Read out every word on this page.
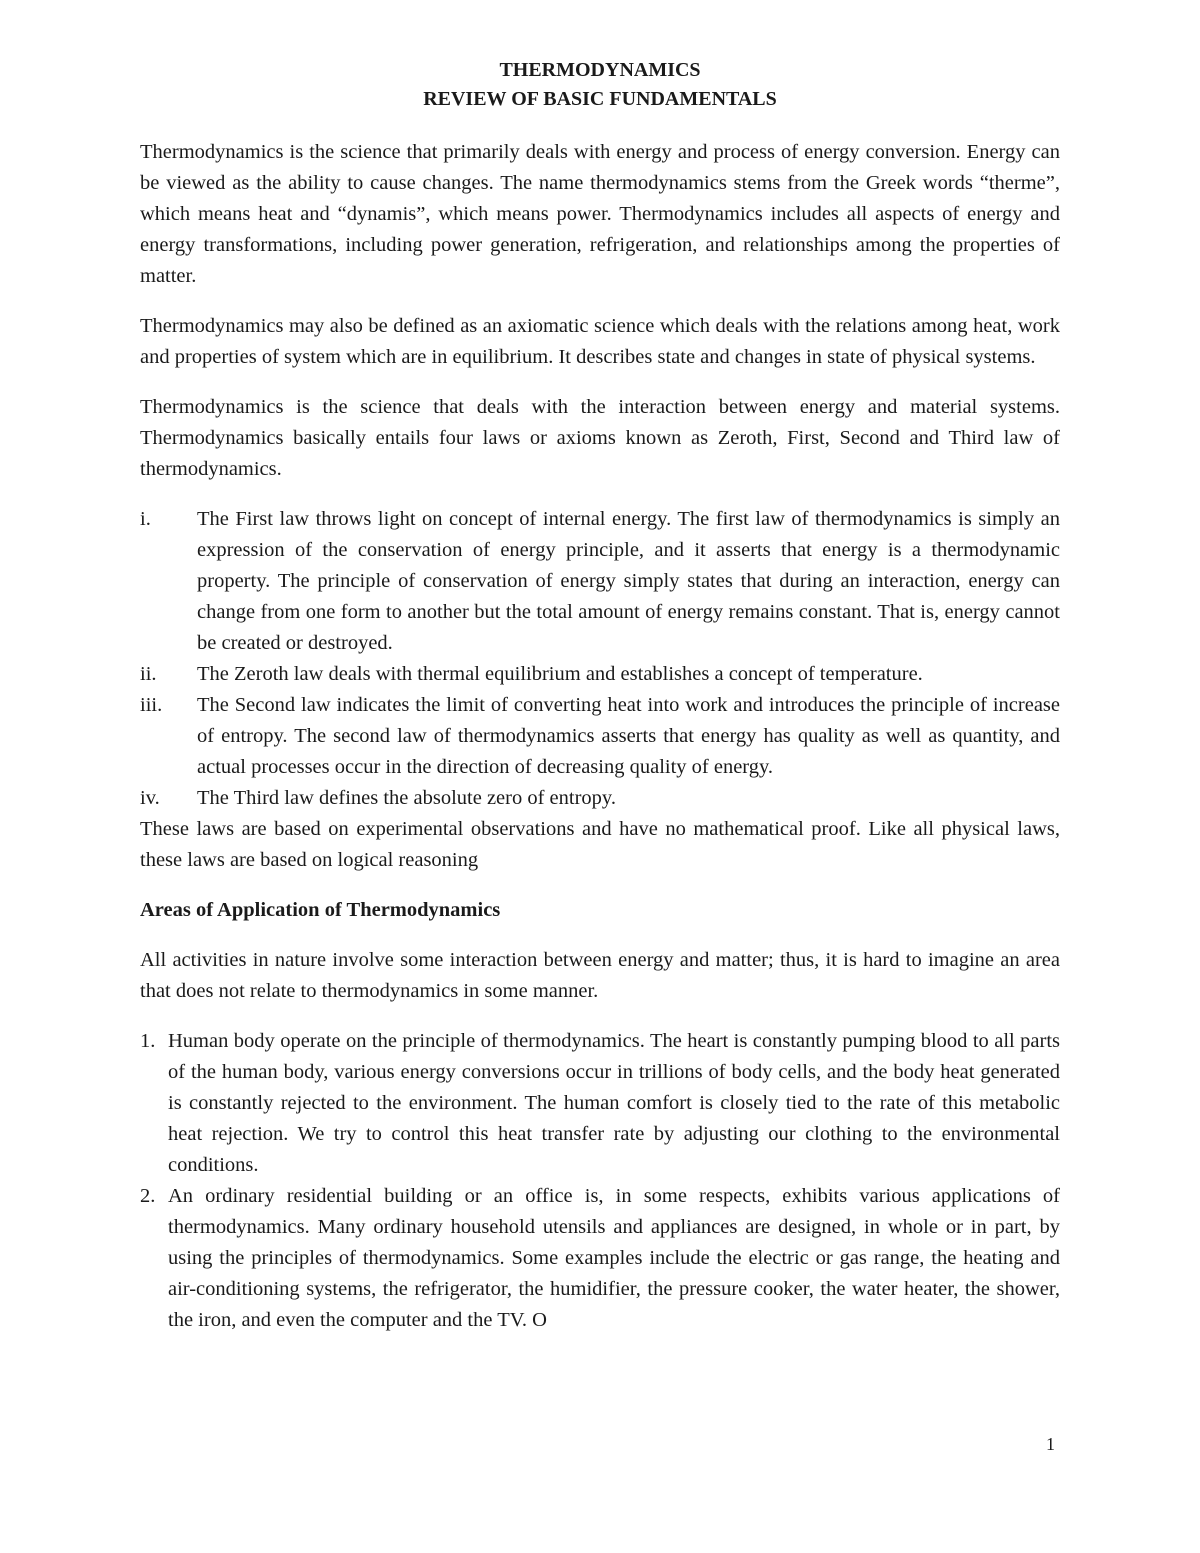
THERMODYNAMICS
REVIEW OF BASIC FUNDAMENTALS

Thermodynamics is the science that primarily deals with energy and process of energy conversion. Energy can be viewed as the ability to cause changes. The name thermodynamics stems from the Greek words “therme”, which means heat and “dynamis”, which means power. Thermodynamics includes all aspects of energy and energy transformations, including power generation, refrigeration, and relationships among the properties of matter.

Thermodynamics may also be defined as an axiomatic science which deals with the relations among heat, work and properties of system which are in equilibrium. It describes state and changes in state of physical systems.

Thermodynamics is the science that deals with the interaction between energy and material systems. Thermodynamics basically entails four laws or axioms known as Zeroth, First, Second and Third law of thermodynamics.

i. The First law throws light on concept of internal energy. The first law of thermodynamics is simply an expression of the conservation of energy principle, and it asserts that energy is a thermodynamic property. The principle of conservation of energy simply states that during an interaction, energy can change from one form to another but the total amount of energy remains constant. That is, energy cannot be created or destroyed.
ii. The Zeroth law deals with thermal equilibrium and establishes a concept of temperature.
iii. The Second law indicates the limit of converting heat into work and introduces the principle of increase of entropy. The second law of thermodynamics asserts that energy has quality as well as quantity, and actual processes occur in the direction of decreasing quality of energy.
iv. The Third law defines the absolute zero of entropy.

These laws are based on experimental observations and have no mathematical proof. Like all physical laws, these laws are based on logical reasoning

Areas of Application of Thermodynamics

All activities in nature involve some interaction between energy and matter; thus, it is hard to imagine an area that does not relate to thermodynamics in some manner.

1. Human body operate on the principle of thermodynamics. The heart is constantly pumping blood to all parts of the human body, various energy conversions occur in trillions of body cells, and the body heat generated is constantly rejected to the environment. The human comfort is closely tied to the rate of this metabolic heat rejection. We try to control this heat transfer rate by adjusting our clothing to the environmental conditions.
2. An ordinary residential building or an office is, in some respects, exhibits various applications of thermodynamics. Many ordinary household utensils and appliances are designed, in whole or in part, by using the principles of thermodynamics. Some examples include the electric or gas range, the heating and air-conditioning systems, the refrigerator, the humidifier, the pressure cooker, the water heater, the shower, the iron, and even the computer and the TV. O
1
